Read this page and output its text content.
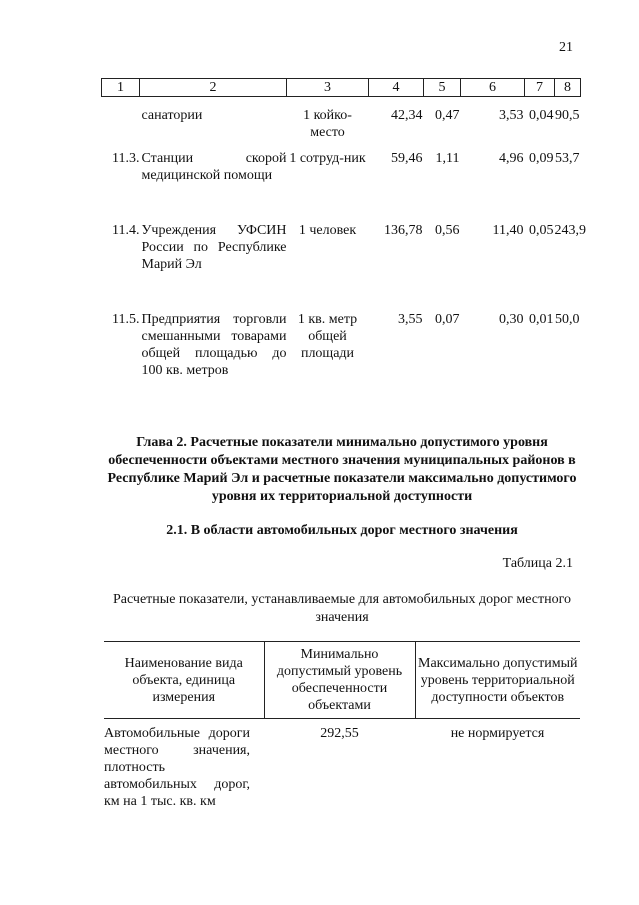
21
1	2	3	4	5	6	7	8
	санатории	1 койко-место	42,34	0,47	3,53	0,04	90,5
11.3.	Станции скорой медицинской помощи	1 сотруд-ник	59,46	1,11	4,96	0,09	53,7
11.4.	Учреждения УФСИН России по Республике Марий Эл	1 человек	136,78	0,56	11,40	0,05	243,9
11.5.	Предприятия торговли смешанными товарами общей площадью до 100 кв. метров	1 кв. метр общей площади	3,55	0,07	0,30	0,01	50,0
Глава 2. Расчетные показатели минимально допустимого уровня обеспеченности объектами местного значения муниципальных районов в Республике Марий Эл и расчетные показатели максимально допустимого уровня их территориальной доступности
2.1. В области автомобильных дорог местного значения
Таблица 2.1
Расчетные показатели, устанавливаемые для автомобильных дорог местного значения
Наименование вида объекта, единица измерения	Минимально допустимый уровень обеспеченности объектами	Максимально допустимый уровень территориальной доступности объектов
Автомобильные дороги местного значения, плотность автомобильных дорог, км на 1 тыс. кв. км	292,55	не нормируется
